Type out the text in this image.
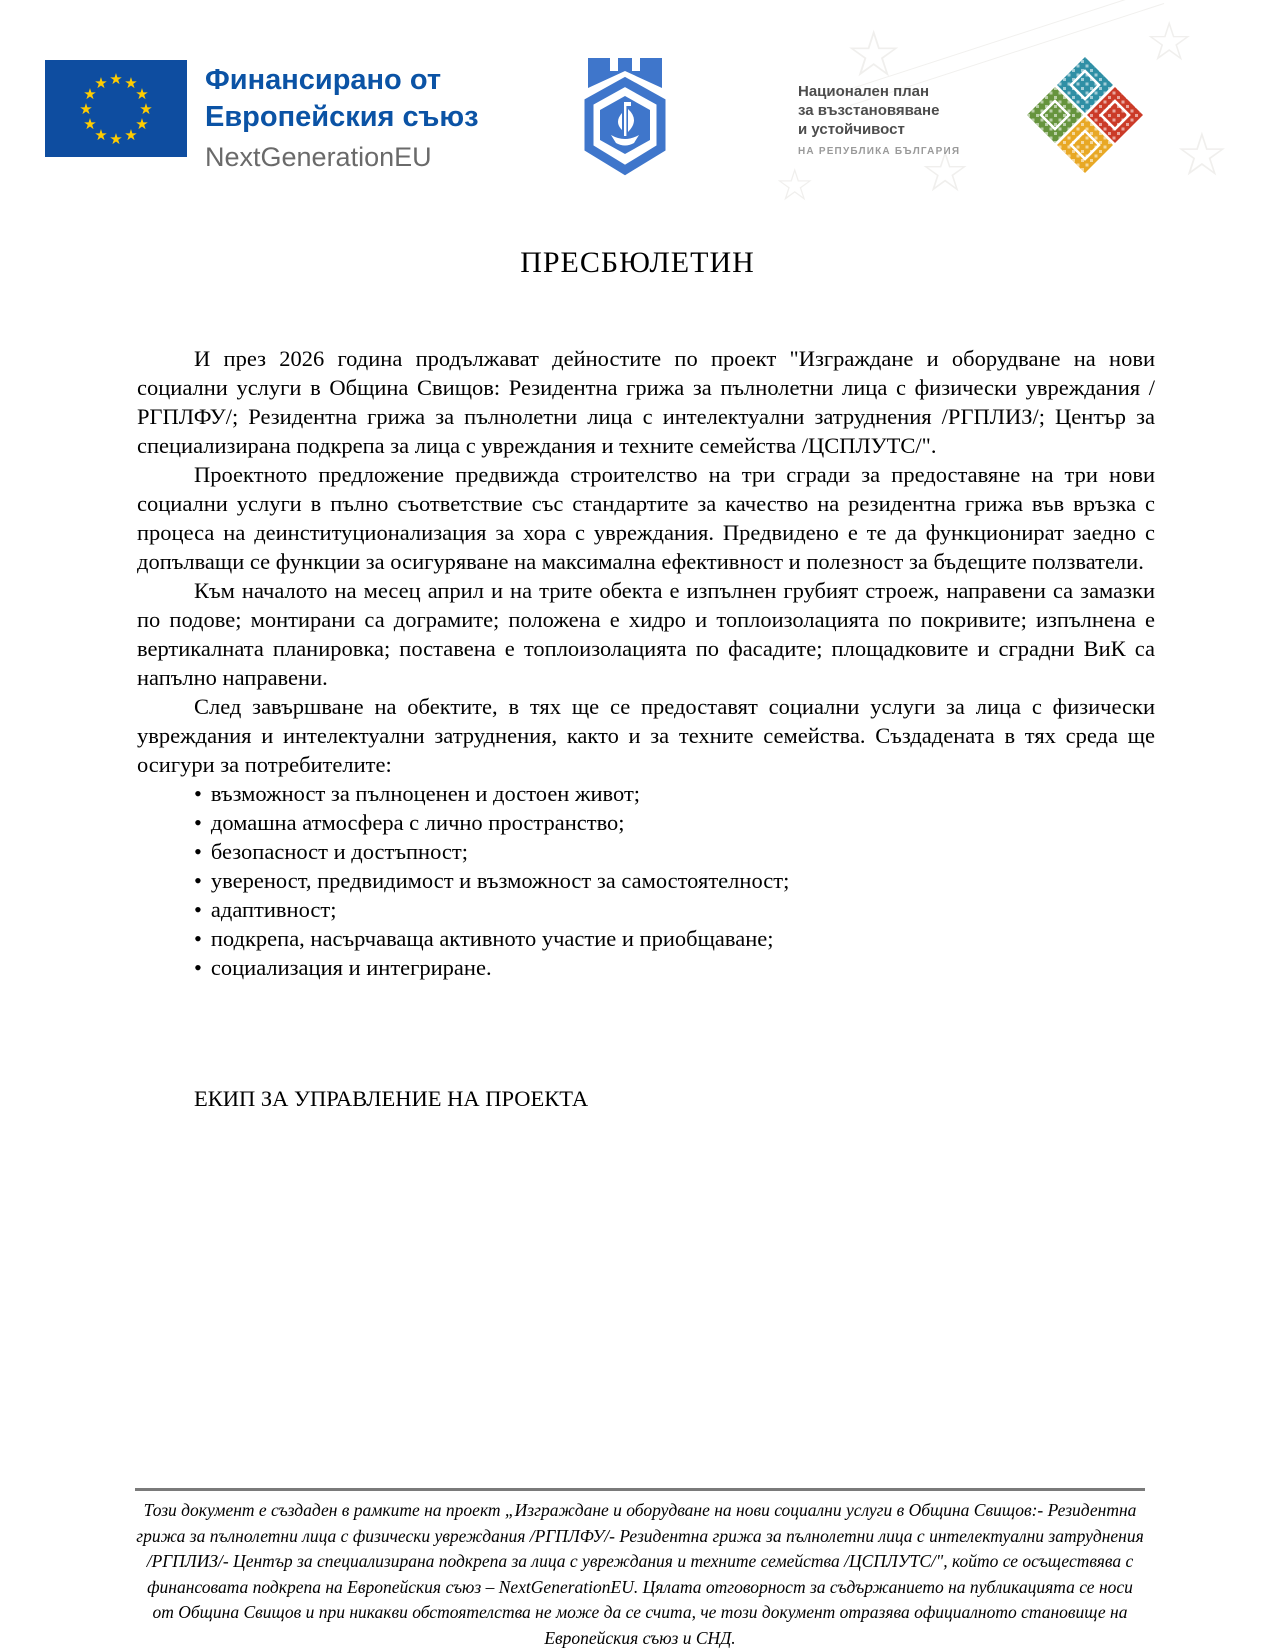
☆	☆
☆
☆
☆
★ ★
★
★
★
★
★
★
★
★
★
★	Финансирано от
Европейския съюз
NextGenerationEU
Национален план
за възстановяване
и устойчивост
НА РЕПУБЛИКА БЪЛГАРИЯ
ПРЕСБЮЛЕТИН

И през 2026 година продължават дейностите по проект "Изграждане и оборудване на нови социални услуги в Община Свищов: Резидентна грижа за пълнолетни лица с физически увреждания /РГПЛФУ/; Резидентна грижа за пълнолетни лица с интелектуални затруднения /РГПЛИЗ/; Център за специализирана подкрепа за лица с увреждания и техните семейства /ЦСПЛУТС/".

Проектното предложение предвижда строителство на три сгради за предоставяне на три нови социални услуги в пълно съответствие със стандартите за качество на резидентна грижа във връзка с процеса на деинституционализация за хора с увреждания. Предвидено е те да функционират заедно с допълващи се функции за осигуряване на максимална ефективност и полезност за бъдещите ползватели.

Към началото на месец април и на трите обекта е изпълнен грубият строеж, направени са замазки по подове; монтирани са дограмите; положена е хидро и топлоизолацията по покривите; изпълнена е вертикалната планировка; поставена е топлоизолацията по фасадите; площадковите и сградни ВиК са напълно направени.

След завършване на обектите, в тях ще се предоставят социални услуги за лица с физически увреждания и интелектуални затруднения, както и за техните семейства. Създадената в тях среда ще осигури за потребителите:

• възможност за пълноценен и достоен живот;
• домашна атмосфера с лично пространство;
• безопасност и достъпност;
• увереност, предвидимост и възможност за самостоятелност;
• адаптивност;
• подкрепа, насърчаваща активното участие и приобщаване;
• социализация и интегриране.

ЕКИП ЗА УПРАВЛЕНИЕ НА ПРОЕКТА

Този документ е създаден в рамките на проект „Изграждане и оборудване на нови социални услуги в Община Свищов:- Резидентна грижа за пълнолетни лица с физически увреждания /РГПЛФУ/- Резидентна грижа за пълнолетни лица с интелектуални затруднения /РГПЛИЗ/- Център за специализирана подкрепа за лица с увреждания и техните семейства /ЦСПЛУТС/", който се осъществява с финансовата подкрепа на Европейския съюз – NextGenerationEU. Цялата отговорност за съдържанието на публикацията се носи от Община Свищов и при никакви обстоятелства не може да се счита, че този документ отразява официалното становище на Европейския съюз и СНД.
